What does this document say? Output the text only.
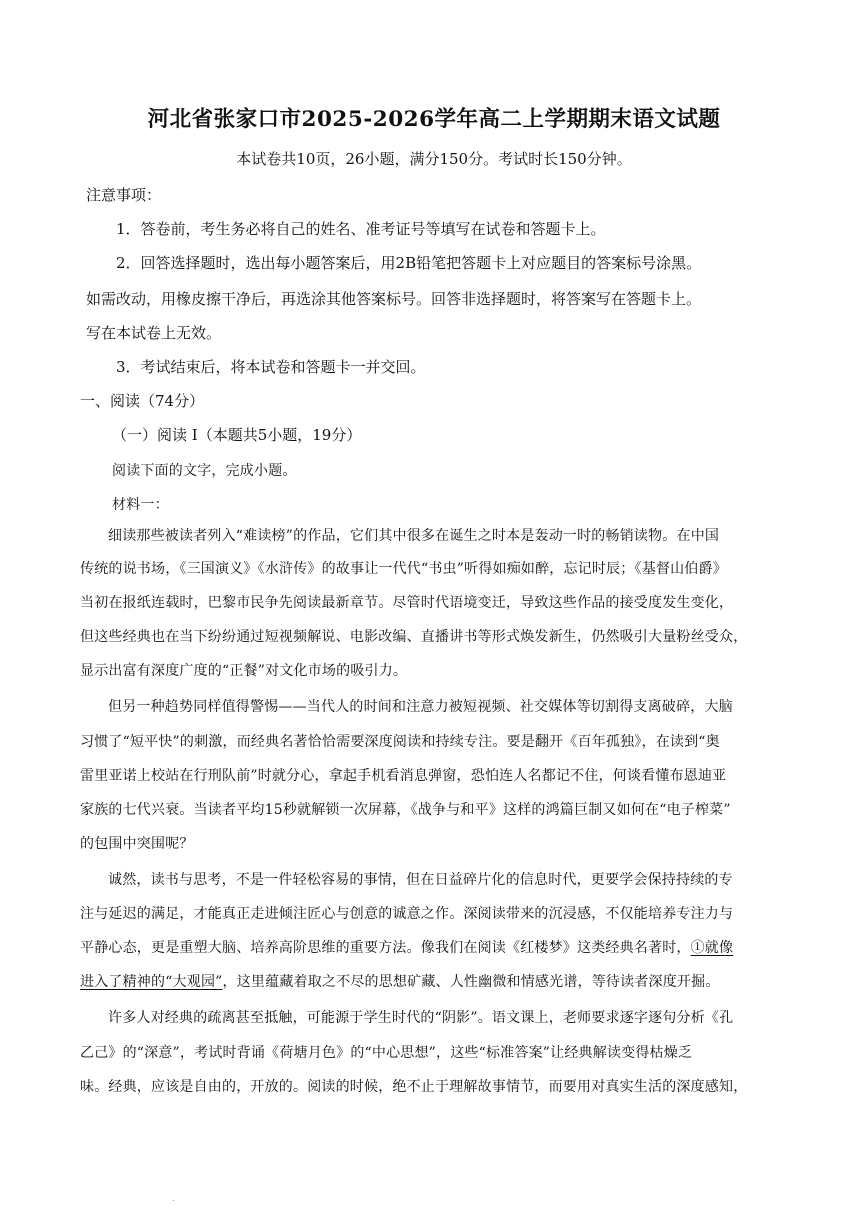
河北省张家口市2025-2026学年高二上学期期末语文试题
本试卷共10页，26小题，满分150分。考试时长150分钟。
注意事项：
1．答卷前，考生务必将自己的姓名、准考证号等填写在试卷和答题卡上。
2．回答选择题时，选出每小题答案后，用2B铅笔把答题卡上对应题目的答案标号涂黑。
如需改动，用橡皮擦干净后，再选涂其他答案标号。回答非选择题时，将答案写在答题卡上。
写在本试卷上无效。
3．考试结束后，将本试卷和答题卡一并交回。
一、阅读（74分）
（一）阅读 I（本题共5小题，19分）
阅读下面的文字，完成小题。
材料一：
细读那些被读者列入“难读榜”的作品，它们其中很多在诞生之时本是轰动一时的畅销读物。在中国
传统的说书场，《三国演义》《水浒传》的故事让一代代“书虫”听得如痴如醉，忘记时辰；《基督山伯爵》
当初在报纸连载时，巴黎市民争先阅读最新章节。尽管时代语境变迁，导致这些作品的接受度发生变化，
但这些经典也在当下纷纷通过短视频解说、电影改编、直播讲书等形式焕发新生，仍然吸引大量粉丝受众，
显示出富有深度广度的“正餐”对文化市场的吸引力。
但另一种趋势同样值得警惕——当代人的时间和注意力被短视频、社交媒体等切割得支离破碎，大脑
习惯了“短平快”的刺激，而经典名著恰恰需要深度阅读和持续专注。要是翻开《百年孤独》，在读到“奥
雷里亚诺上校站在行刑队前”时就分心，拿起手机看消息弹窗，恐怕连人名都记不住，何谈看懂布恩迪亚
家族的七代兴衰。当读者平均15秒就解锁一次屏幕，《战争与和平》这样的鸿篇巨制又如何在“电子榨菜”
的包围中突围呢？
诚然，读书与思考，不是一件轻松容易的事情，但在日益碎片化的信息时代，更要学会保持持续的专
注与延迟的满足，才能真正走进倾注匠心与创意的诚意之作。深阅读带来的沉浸感，不仅能培养专注力与
平静心态，更是重塑大脑、培养高阶思维的重要方法。像我们在阅读《红楼梦》这类经典名著时，①就像
进入了精神的“大观园”，这里蕴藏着取之不尽的思想矿藏、人性幽微和情感光谱，等待读者深度开掘。
许多人对经典的疏离甚至抵触，可能源于学生时代的“阴影”。语文课上，老师要求逐字逐句分析《孔
乙己》的“深意”，考试时背诵《荷塘月色》的“中心思想”，这些“标准答案”让经典解读变得枯燥乏
味。经典，应该是自由的，开放的。阅读的时候，绝不止于理解故事情节，而要用对真实生活的深度感知，
·
